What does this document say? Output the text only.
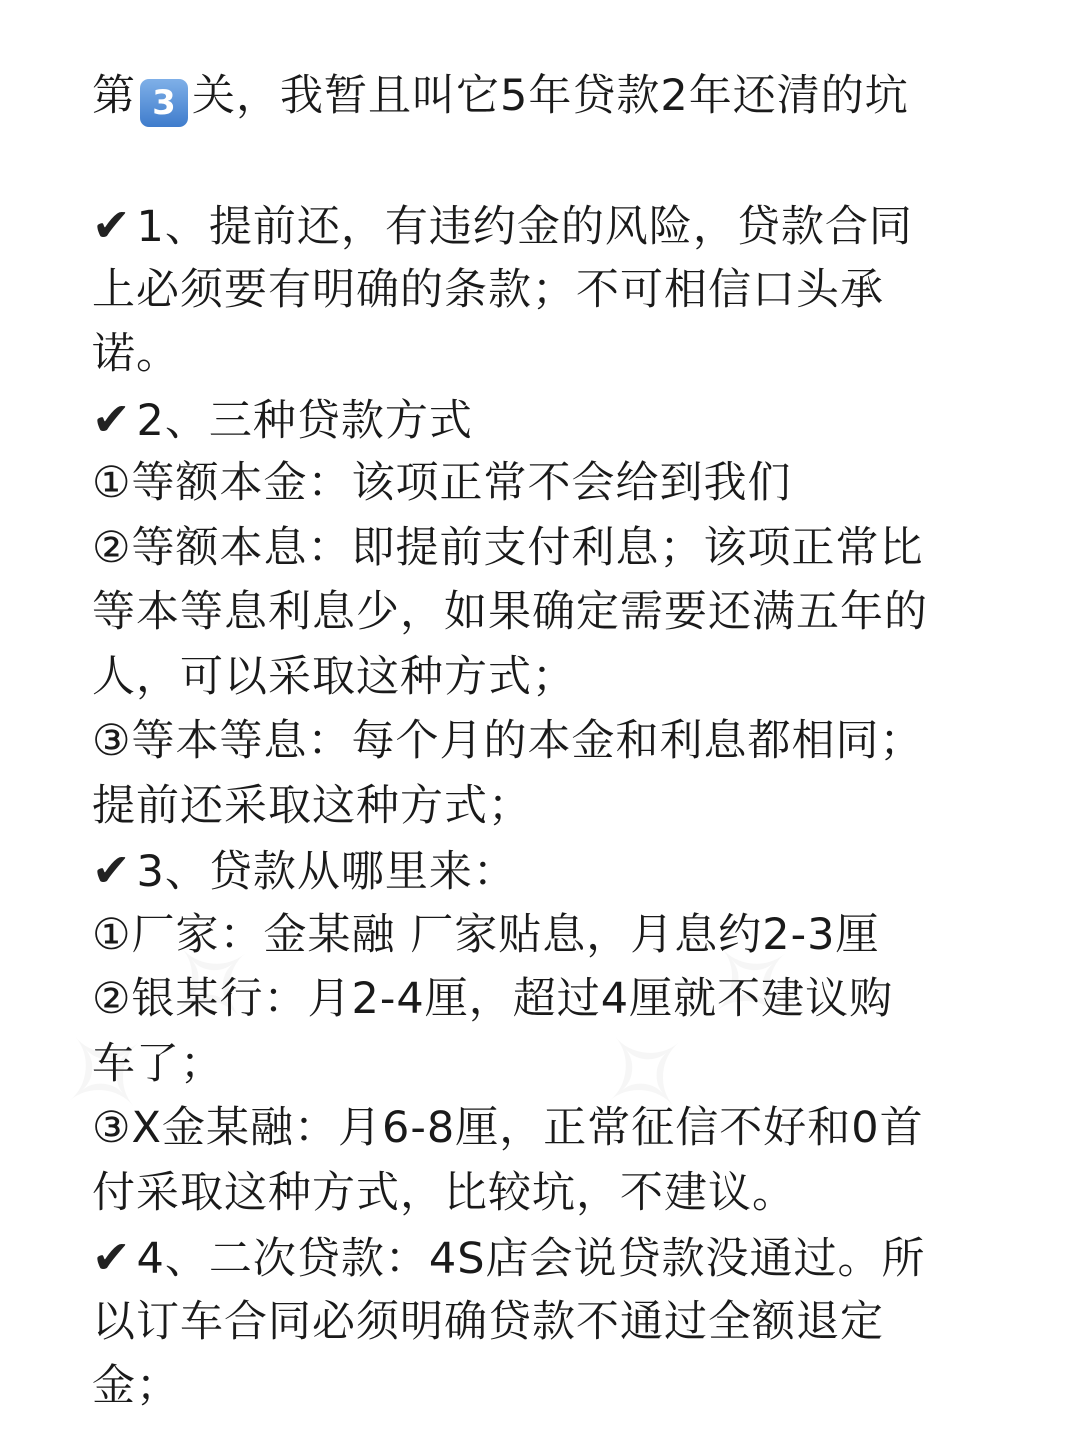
第 3 关，我暂且叫它5年贷款2年还清的坑
✔ 1、提前还，有违约金的风险，贷款合同
上必须要有明确的条款；不可相信口头承
诺。
✔ 2、三种贷款方式
①等额本金：该项正常不会给到我们
②等额本息：即提前支付利息；该项正常比
等本等息利息少，如果确定需要还满五年的
人，可以采取这种方式；
③等本等息：每个月的本金和利息都相同；
提前还采取这种方式；
✔ 3、贷款从哪里来：
①厂家：金某融 厂家贴息，月息约2-3厘
②银某行：月2-4厘，超过4厘就不建议购
车了；
③X金某融：月6-8厘，正常征信不好和0首
付采取这种方式，比较坑，不建议。
✔ 4、二次贷款：4S店会说贷款没通过。所
以订车合同必须明确贷款不通过全额退定
金；
